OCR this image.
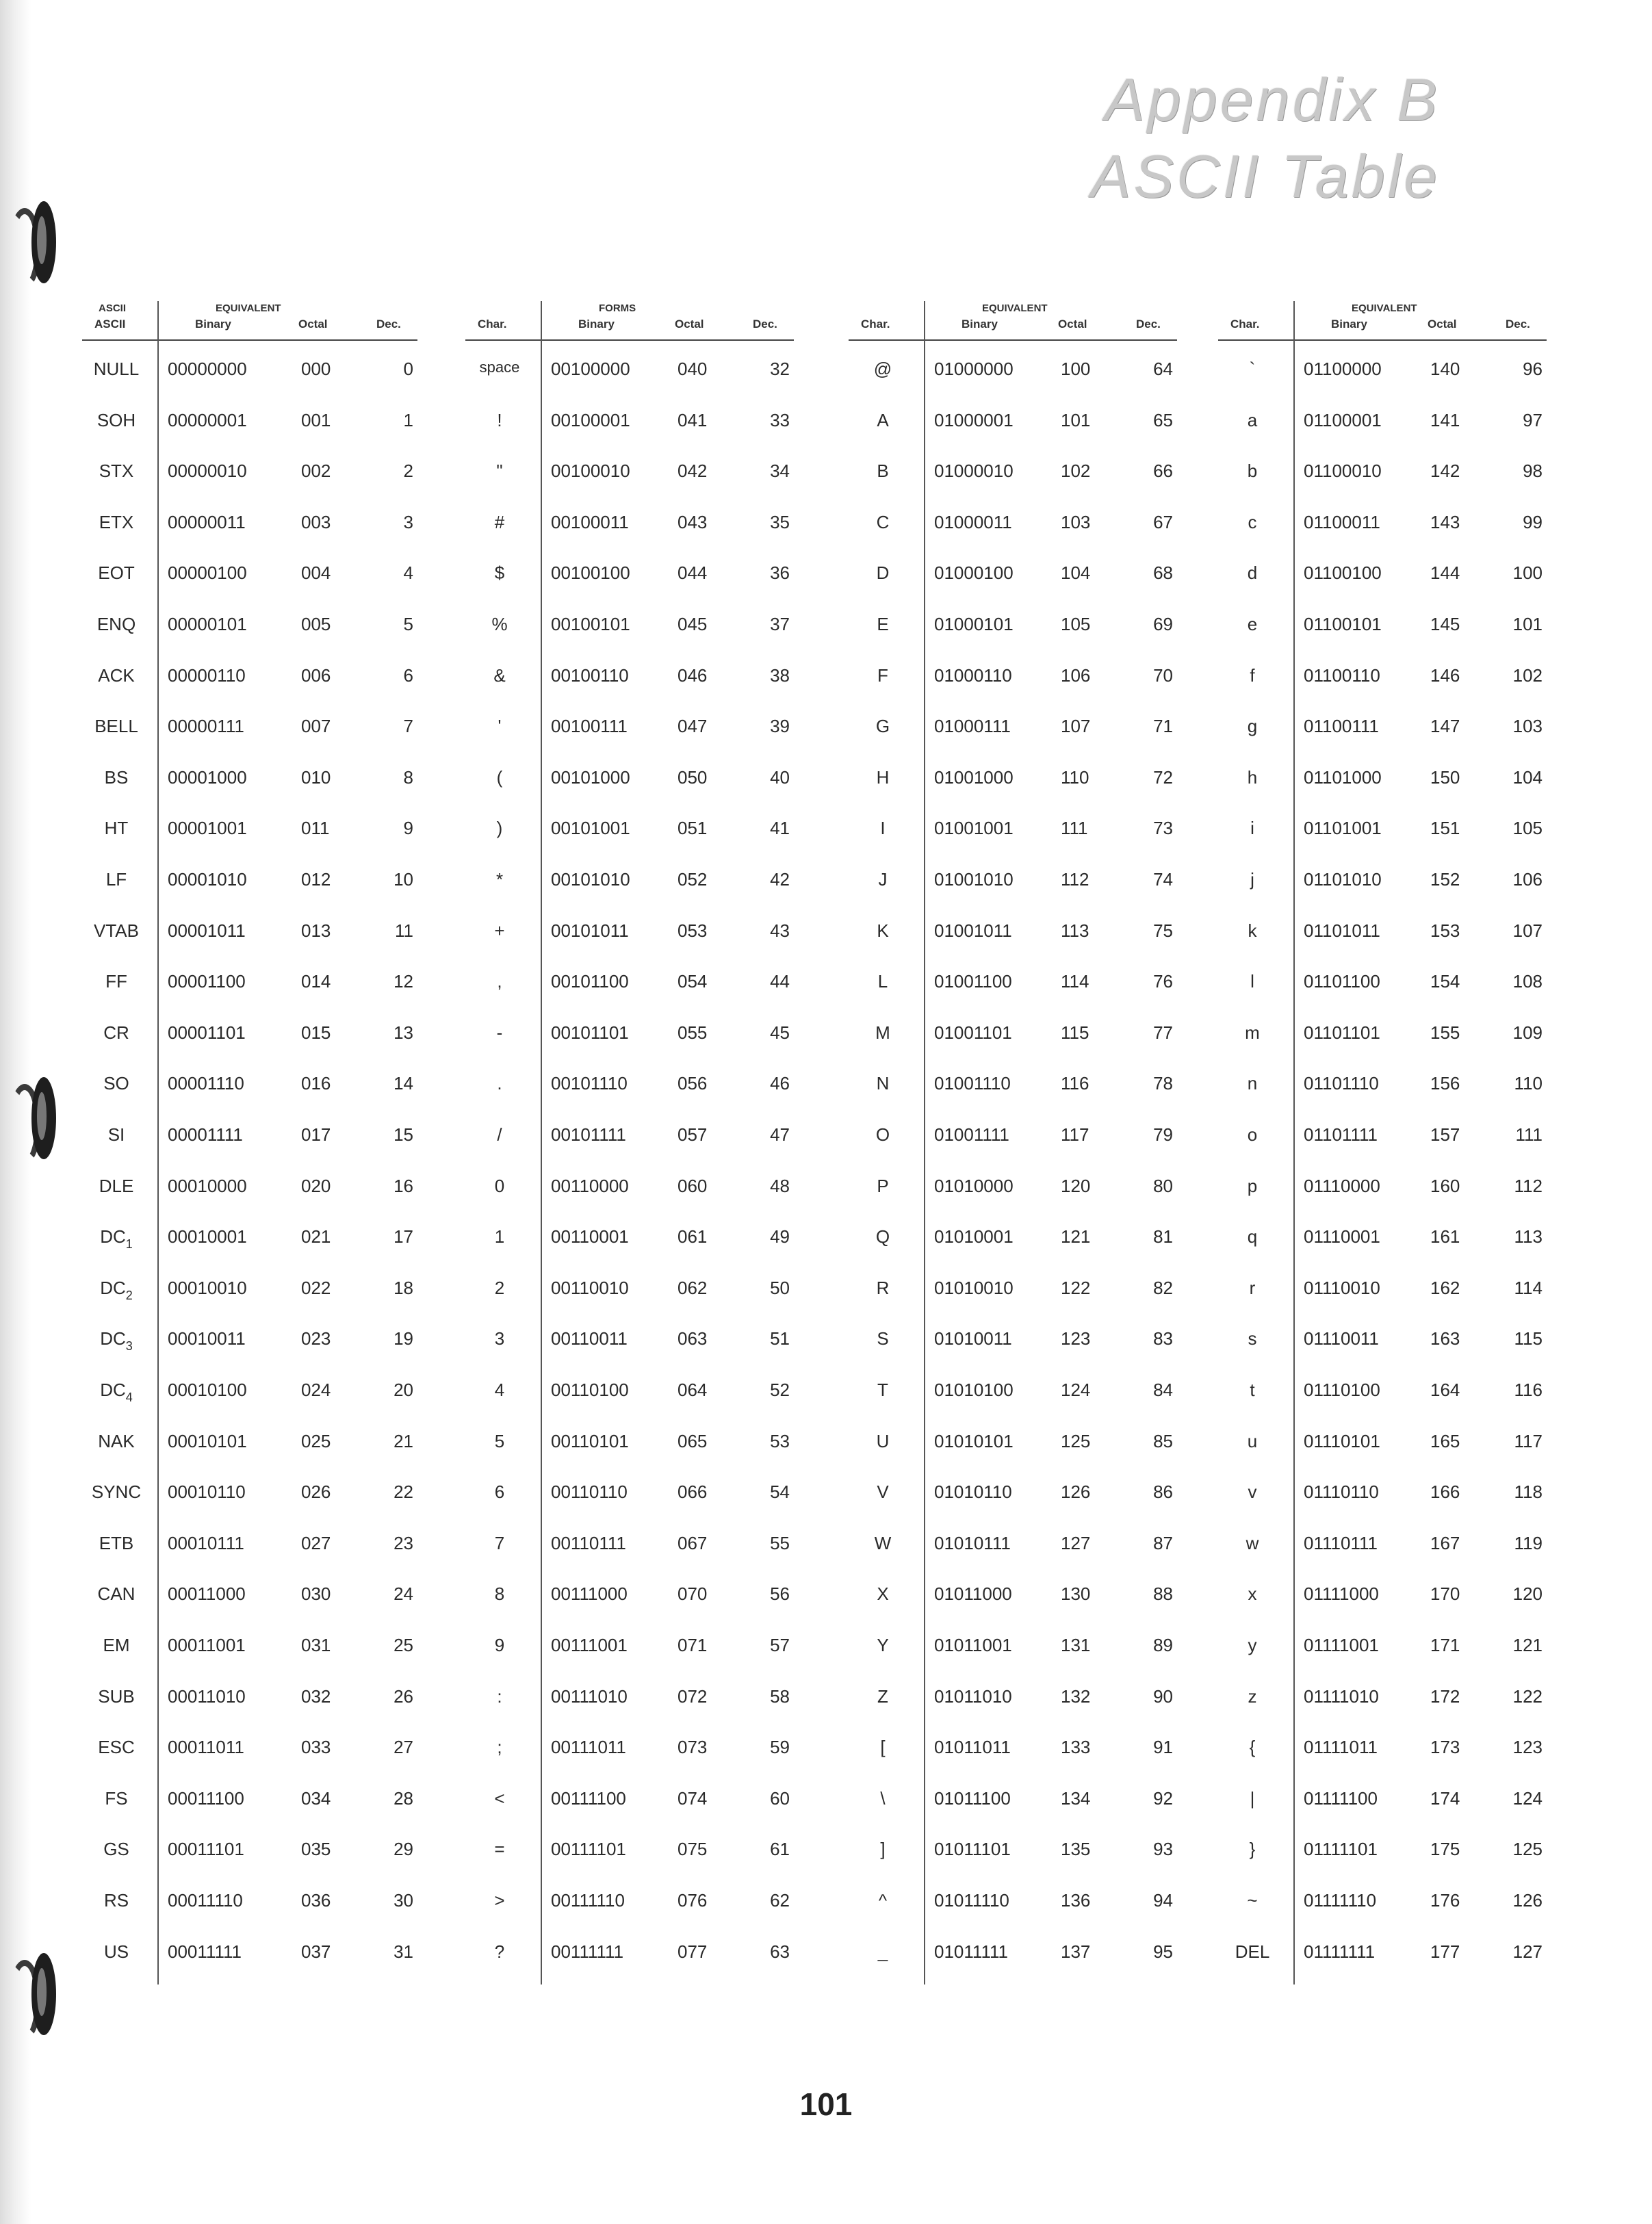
Appendix B
ASCII Table
ASCII
ASCII	EQUIVALENT
Binary	Octal	Dec.
NULL	00000000	000	0
SOH	00000001	001	1
STX	00000010	002	2
ETX	00000011	003	3
EOT	00000100	004	4
ENQ	00000101	005	5
ACK	00000110	006	6
BELL	00000111	007	7
BS	00001000	010	8
HT	00001001	011	9
LF	00001010	012	10
VTAB	00001011	013	11
FF	00001100	014	12
CR	00001101	015	13
SO	00001110	016	14
SI	00001111	017	15
DLE	00010000	020	16
$DC_1$	00010001	021	17
$DC_2$	00010010	022	18
$DC_3$	00010011	023	19
$DC_4$	00010100	024	20
NAK	00010101	025	21
SYNC	00010110	026	22
ETB	00010111	027	23
CAN	00011000	030	24
EM	00011001	031	25
SUB	00011010	032	26
ESC	00011011	033	27
FS	00011100	034	28
GS	00011101	035	29
RS	00011110	036	30
US	00011111	037	31
Char.
FORMS
Binary	Octal	Dec.
space	00100000	040	32
!	00100001	041	33
"	00100010	042	34
#	00100011	043	35
$	00100100	044	36
%	00100101	045	37
&	00100110	046	38
'	00100111	047	39
(	00101000	050	40
)	00101001	051	41
*	00101010	052	42
+	00101011	053	43
,	00101100	054	44
-	00101101	055	45
.	00101110	056	46
/	00101111	057	47
0	00110000	060	48
1	00110001	061	49
2	00110010	062	50
3	00110011	063	51
4	00110100	064	52
5	00110101	065	53
6	00110110	066	54
7	00110111	067	55
8	00111000	070	56
9	00111001	071	57
:	00111010	072	58
;	00111011	073	59
<	00111100	074	60
=	00111101	075	61
>	00111110	076	62
?	00111111	077	63
Char.
EQUIVALENT
Binary	Octal	Dec.
@	01000000	100	64
A	01000001	101	65
B	01000010	102	66
C	01000011	103	67
D	01000100	104	68
E	01000101	105	69
F	01000110	106	70
G	01000111	107	71
H	01001000	110	72
I	01001001	111	73
J	01001010	112	74
K	01001011	113	75
L	01001100	114	76
M	01001101	115	77
N	01001110	116	78
O	01001111	117	79
P	01010000	120	80
Q	01010001	121	81
R	01010010	122	82
S	01010011	123	83
T	01010100	124	84
U	01010101	125	85
V	01010110	126	86
W	01010111	127	87
X	01011000	130	88
Y	01011001	131	89
Z	01011010	132	90
[	01011011	133	91
\	01011100	134	92
]	01011101	135	93
^	01011110	136	94
_	01011111	137	95
Char.
EQUIVALENT
Binary	Octal	Dec.
`	01100000	140	96
a	01100001	141	97
b	01100010	142	98
c	01100011	143	99
d	01100100	144	100
e	01100101	145	101
f	01100110	146	102
g	01100111	147	103
h	01101000	150	104
i	01101001	151	105
j	01101010	152	106
k	01101011	153	107
l	01101100	154	108
m	01101101	155	109
n	01101110	156	110
o	01101111	157	111
p	01110000	160	112
q	01110001	161	113
r	01110010	162	114
s	01110011	163	115
t	01110100	164	116
u	01110101	165	117
v	01110110	166	118
w	01110111	167	119
x	01111000	170	120
y	01111001	171	121
z	01111010	172	122
{	01111011	173	123
|	01111100	174	124
}	01111101	175	125
~	01111110	176	126
DEL	01111111	177	127
101
